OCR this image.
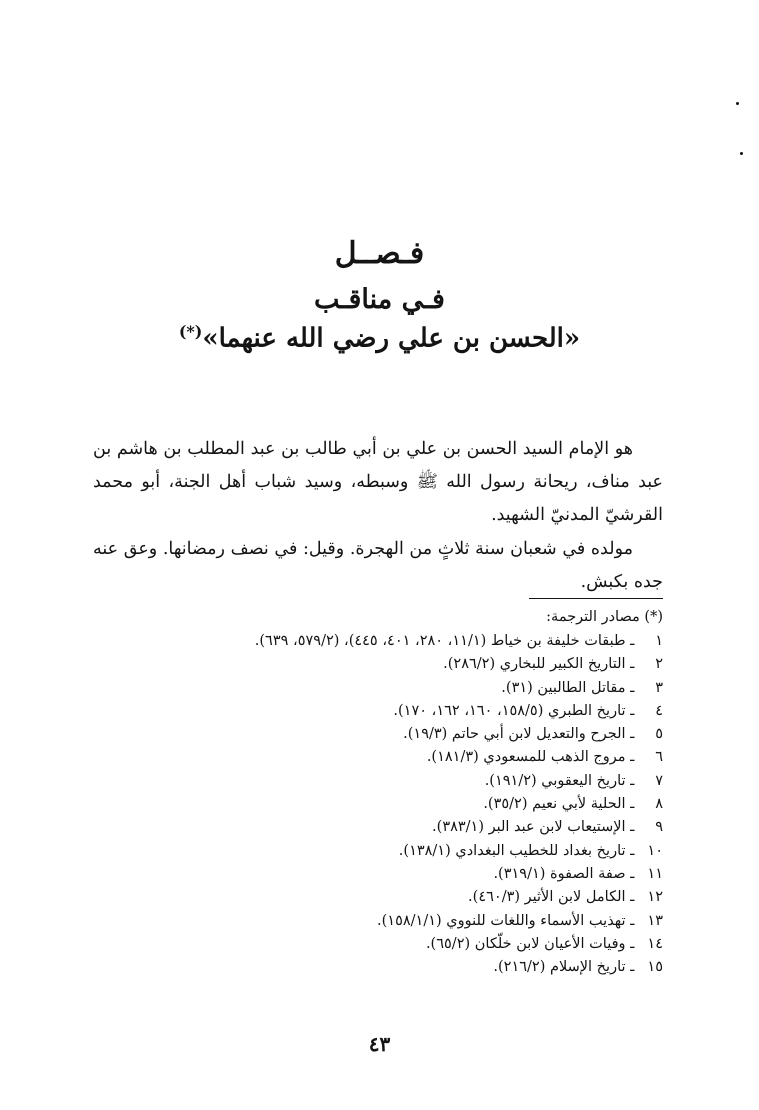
فـصــل
فـي مناقـب
«الحسن بن علي رضي الله عنهما»(*)

هو الإمام السيد الحسن بن علي بن أبي طالب بن عبد المطلب بن هاشم بن عبد مناف، ريحانة رسول الله ﷺ وسبطه، وسيد شباب أهل الجنة، أبو محمد القرشيّ المدنيّ الشهيد.

مولده في شعبان سنة ثلاثٍ من الهجرة. وقيل: في نصف رمضانها. وعق عنه جده بكبش.

(*) مصادر الترجمة:
١ ـ طبقات خليفة بن خياط (١١/١، ٢٨٠، ٤٠١، ٤٤٥)، (٥٧٩/٢، ٦٣٩).
٢ ـ التاريخ الكبير للبخاري (٢٨٦/٢).
٣ ـ مقاتل الطالبين (٣١).
٤ ـ تاريخ الطبري (١٥٨/٥، ١٦٠، ١٦٢، ١٧٠).
٥ ـ الجرح والتعديل لابن أبي حاتم (١٩/٣).
٦ ـ مروج الذهب للمسعودي (١٨١/٣).
٧ ـ تاريخ اليعقوبي (١٩١/٢).
٨ ـ الحلية لأبي نعيم (٣٥/٢).
٩ ـ الإستيعاب لابن عبد البر (٣٨٣/١).
١٠ ـ تاريخ بغداد للخطيب البغدادي (١٣٨/١).
١١ ـ صفة الصفوة (٣١٩/١).
١٢ ـ الكامل لابن الأثير (٤٦٠/٣).
١٣ ـ تهذيب الأسماء واللغات للنووي (١٥٨/١/١).
١٤ ـ وفيات الأعيان لابن خلّكان (٦٥/٢).
١٥ ـ تاريخ الإسلام (٢١٦/٢).
٤٣
